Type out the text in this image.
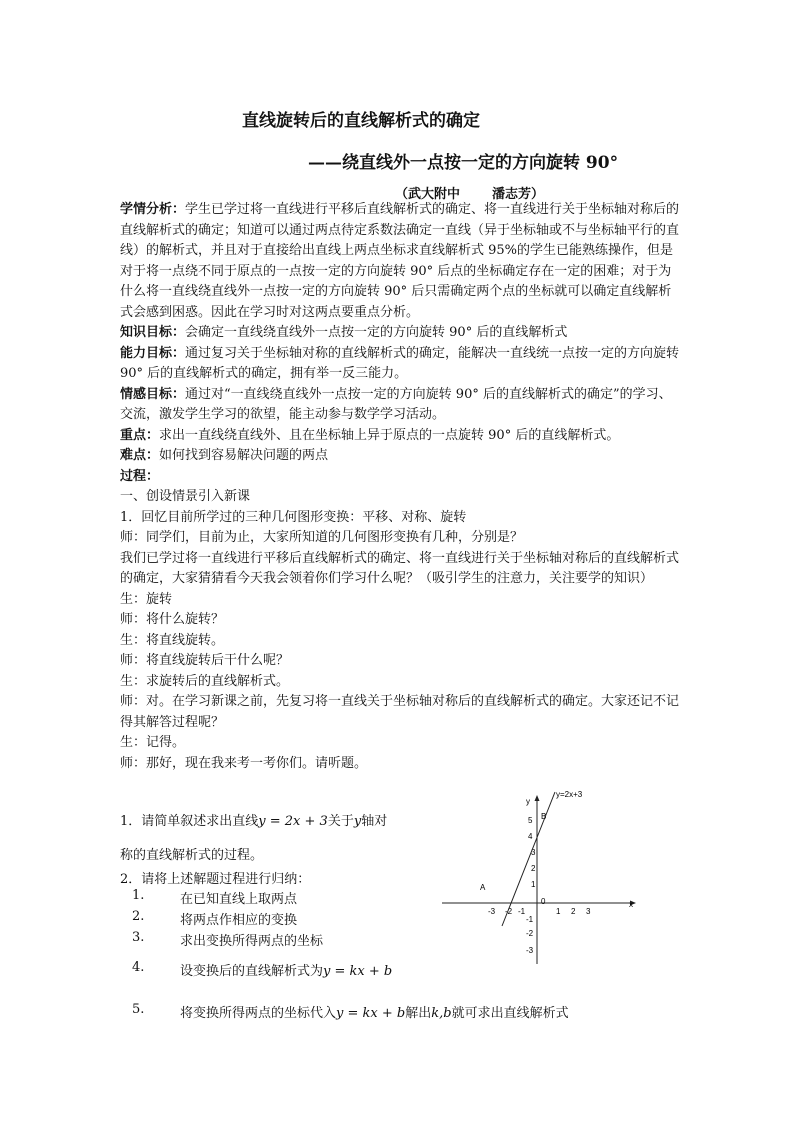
直线旋转后的直线解析式的确定
——绕直线外一点按一定的方向旋转 90°
（武大附中 潘志芳）

学情分析：学生已学过将一直线进行平移后直线解析式的确定、将一直线进行关于坐标轴对称后的直线解析式的确定；知道可以通过两点待定系数法确定一直线（异于坐标轴或不与坐标轴平行的直线）的解析式，并且对于直接给出直线上两点坐标求直线解析式 95%的学生已能熟练操作，但是对于将一点绕不同于原点的一点按一定的方向旋转 90° 后点的坐标确定存在一定的困难；对于为什么将一直线绕直线外一点按一定的方向旋转 90° 后只需确定两个点的坐标就可以确定直线解析式会感到困惑。因此在学习时对这两点要重点分析。

知识目标：会确定一直线绕直线外一点按一定的方向旋转 90° 后的直线解析式

能力目标：通过复习关于坐标轴对称的直线解析式的确定，能解决一直线统一点按一定的方向旋转 90° 后的直线解析式的确定，拥有举一反三能力。

情感目标：通过对“一直线绕直线外一点按一定的方向旋转 90° 后的直线解析式的确定”的学习、交流，激发学生学习的欲望，能主动参与数学学习活动。

重点：求出一直线绕直线外、且在坐标轴上异于原点的一点旋转 90° 后的直线解析式。

难点：如何找到容易解决问题的两点

过程：

一、创设情景引入新课

1．回忆目前所学过的三种几何图形变换：平移、对称、旋转

师：同学们，目前为止，大家所知道的几何图形变换有几种，分别是？

我们已学过将一直线进行平移后直线解析式的确定、将一直线进行关于坐标轴对称后的直线解析式的确定，大家猜猜看今天我会领着你们学习什么呢？（吸引学生的注意力，关注要学的知识）

生：旋转

师：将什么旋转？

生：将直线旋转。

师：将直线旋转后干什么呢？

生：求旋转后的直线解析式。

师：对。在学习新课之前，先复习将一直线关于坐标轴对称后的直线解析式的确定。大家还记不记得其解答过程呢？

生：记得。

师：那好，现在我来考一考你们。请听题。

1．请简单叙述求出直线y = 2x + 3关于y轴对
称的直线解析式的过程。
2．请将上述解题过程进行归纳：
1.	在已知直线上取两点
2.	将两点作相应的变换
3.	求出变换所得两点的坐标
4.	设变换后的直线解析式为y = kx + b
5.	将变换所得两点的坐标代入y = kx + b解出k,b就可求出直线解析式
y
x
0
-3 -2 -1	1 2 3
5
4
3
2
1
-1
-2
-3
y=2x+3
A
B
